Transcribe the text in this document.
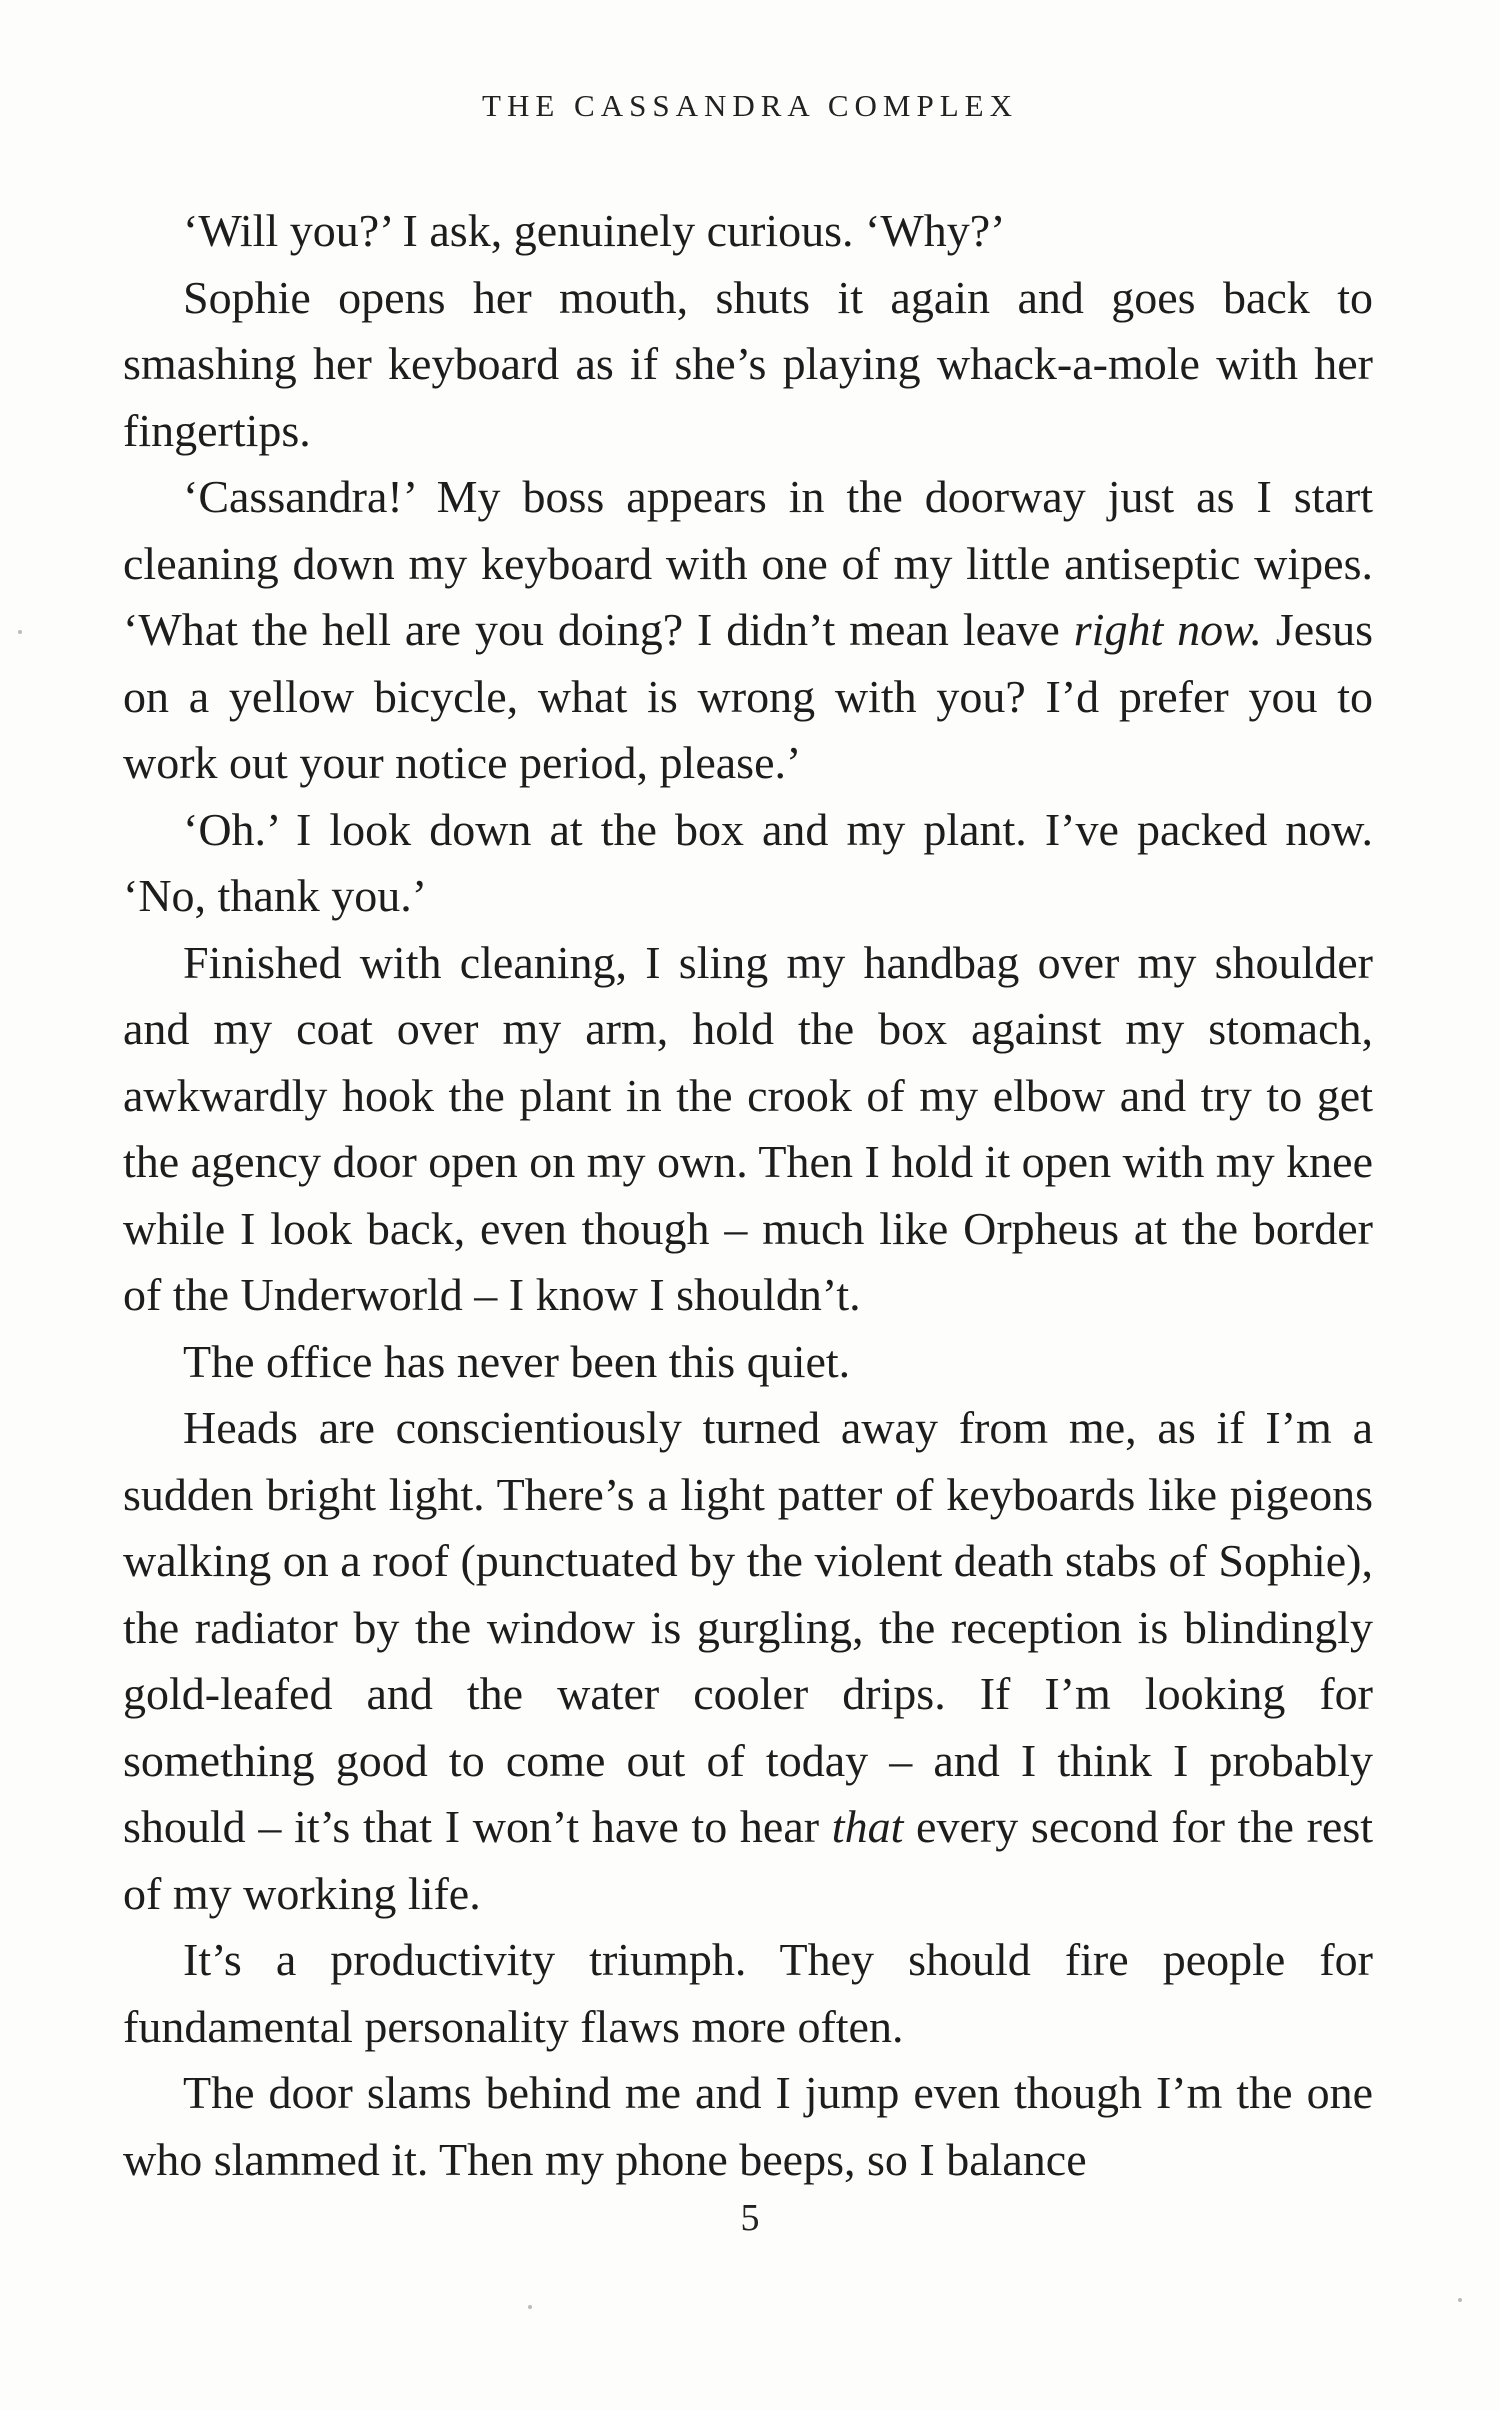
THE CASSANDRA COMPLEX

‘Will you?’ I ask, genuinely curious. ‘Why?’

Sophie opens her mouth, shuts it again and goes back to smashing her keyboard as if she’s playing whack-a-mole with her fingertips.

‘Cassandra!’ My boss appears in the doorway just as I start cleaning down my keyboard with one of my little antiseptic wipes. ‘What the hell are you doing? I didn’t mean leave right now. Jesus on a yellow bicycle, what is wrong with you? I’d prefer you to work out your notice period, please.’

‘Oh.’ I look down at the box and my plant. I’ve packed now. ‘No, thank you.’

Finished with cleaning, I sling my handbag over my shoulder and my coat over my arm, hold the box against my stomach, awkwardly hook the plant in the crook of my elbow and try to get the agency door open on my own. Then I hold it open with my knee while I look back, even though – much like Orpheus at the border of the Underworld – I know I shouldn’t.

The office has never been this quiet.

Heads are conscientiously turned away from me, as if I’m a sudden bright light. There’s a light patter of keyboards like pigeons walking on a roof (punctuated by the violent death stabs of Sophie), the radiator by the window is gurgling, the reception is blindingly gold-leafed and the water cooler drips. If I’m looking for something good to come out of today – and I think I probably should – it’s that I won’t have to hear that every second for the rest of my working life.

It’s a productivity triumph. They should fire people for fundamental personality flaws more often.

The door slams behind me and I jump even though I’m the one who slammed it. Then my phone beeps, so I balance

5
